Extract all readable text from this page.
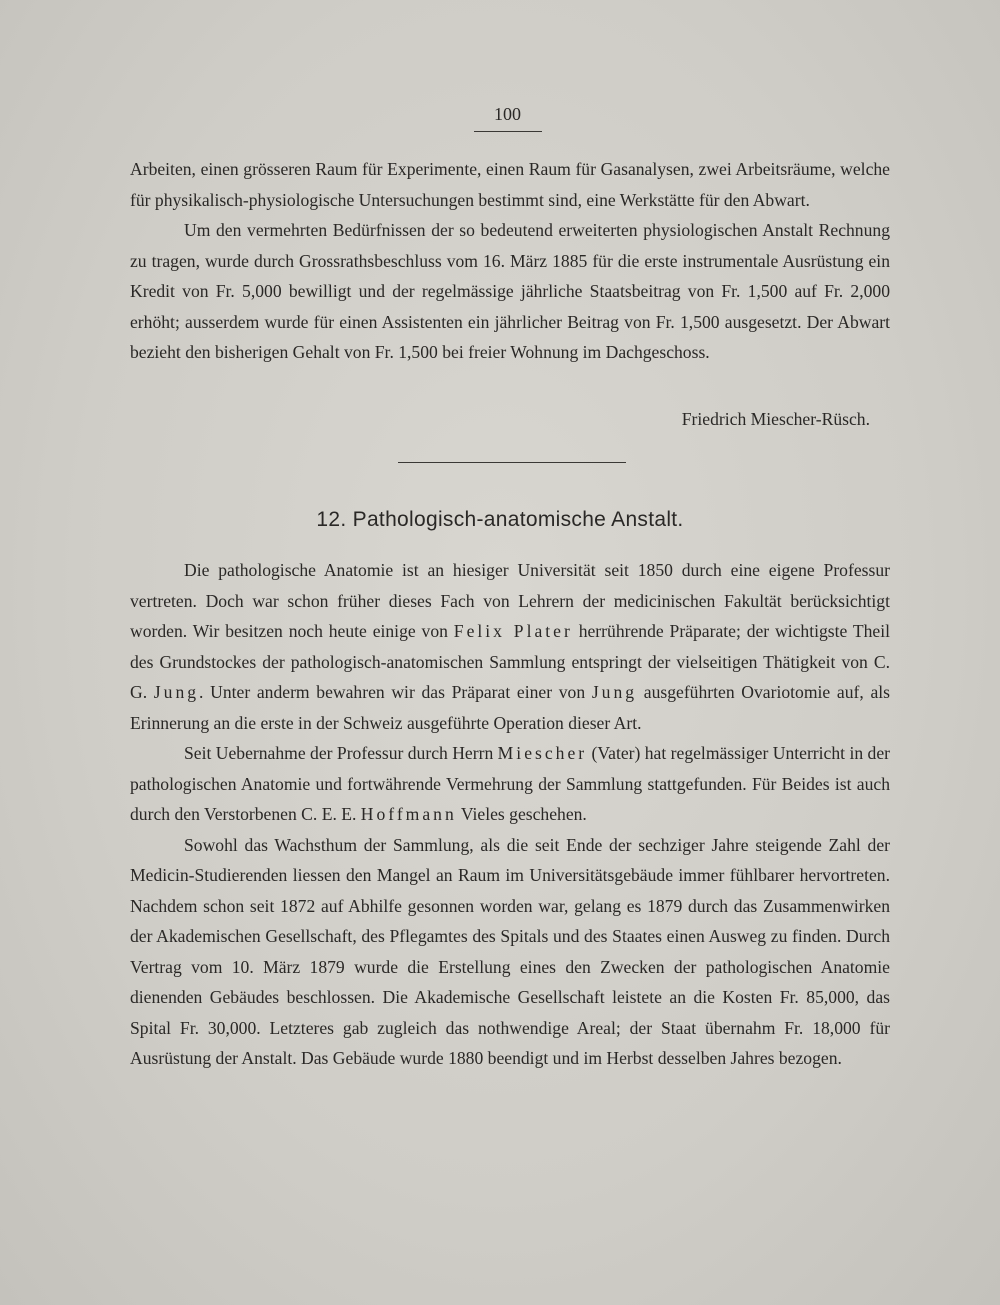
100

Arbeiten, einen grösseren Raum für Experimente, einen Raum für Gasanalysen, zwei Arbeitsräume, welche für physikalisch-physiologische Untersuchungen bestimmt sind, eine Werkstätte für den Abwart.

Um den vermehrten Bedürfnissen der so bedeutend erweiterten physiologischen Anstalt Rechnung zu tragen, wurde durch Grossrathsbeschluss vom 16. März 1885 für die erste instrumentale Ausrüstung ein Kredit von Fr. 5,000 bewilligt und der regelmässige jährliche Staatsbeitrag von Fr. 1,500 auf Fr. 2,000 erhöht; ausserdem wurde für einen Assistenten ein jährlicher Beitrag von Fr. 1,500 ausgesetzt. Der Abwart bezieht den bisherigen Gehalt von Fr. 1,500 bei freier Wohnung im Dachgeschoss.

Friedrich Miescher-Rüsch.
12. Pathologisch-anatomische Anstalt.

Die pathologische Anatomie ist an hiesiger Universität seit 1850 durch eine eigene Professur vertreten. Doch war schon früher dieses Fach von Lehrern der medicinischen Fakultät berücksichtigt worden. Wir besitzen noch heute einige von Felix Plater herrührende Präparate; der wichtigste Theil des Grundstockes der pathologisch-anatomischen Sammlung entspringt der vielseitigen Thätigkeit von C. G. Jung. Unter anderm bewahren wir das Präparat einer von Jung ausgeführten Ovariotomie auf, als Erinnerung an die erste in der Schweiz ausgeführte Operation dieser Art.

Seit Uebernahme der Professur durch Herrn Miescher (Vater) hat regelmässiger Unterricht in der pathologischen Anatomie und fortwährende Vermehrung der Sammlung stattgefunden. Für Beides ist auch durch den Verstorbenen C. E. E. Hoffmann Vieles geschehen.

Sowohl das Wachsthum der Sammlung, als die seit Ende der sechziger Jahre steigende Zahl der Medicin-Studierenden liessen den Mangel an Raum im Universitätsgebäude immer fühlbarer hervortreten. Nachdem schon seit 1872 auf Abhilfe gesonnen worden war, gelang es 1879 durch das Zusammenwirken der Akademischen Gesellschaft, des Pflegamtes des Spitals und des Staates einen Ausweg zu finden. Durch Vertrag vom 10. März 1879 wurde die Erstellung eines den Zwecken der pathologischen Anatomie dienenden Gebäudes beschlossen. Die Akademische Gesellschaft leistete an die Kosten Fr. 85,000, das Spital Fr. 30,000. Letzteres gab zugleich das nothwendige Areal; der Staat übernahm Fr. 18,000 für Ausrüstung der Anstalt. Das Gebäude wurde 1880 beendigt und im Herbst desselben Jahres bezogen.
